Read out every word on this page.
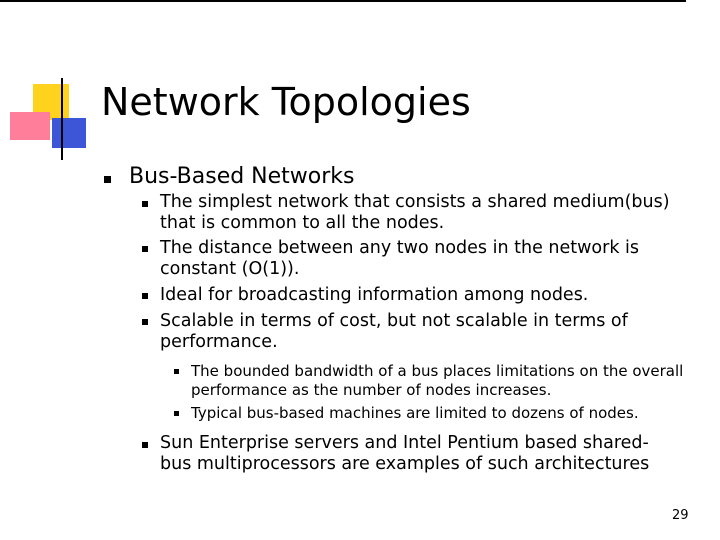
Network Topologies
Bus-Based Networks
The simplest network that consists a shared medium(bus) that is common to all the nodes.
The distance between any two nodes in the network is constant (O(1)).
Ideal for broadcasting information among nodes.
Scalable in terms of cost, but not scalable in terms of performance.
The bounded bandwidth of a bus places limitations on the overall performance as the number of nodes increases.
Typical bus-based machines are limited to dozens of nodes.
Sun Enterprise servers and Intel Pentium based shared-bus multiprocessors are examples of such architectures
29
